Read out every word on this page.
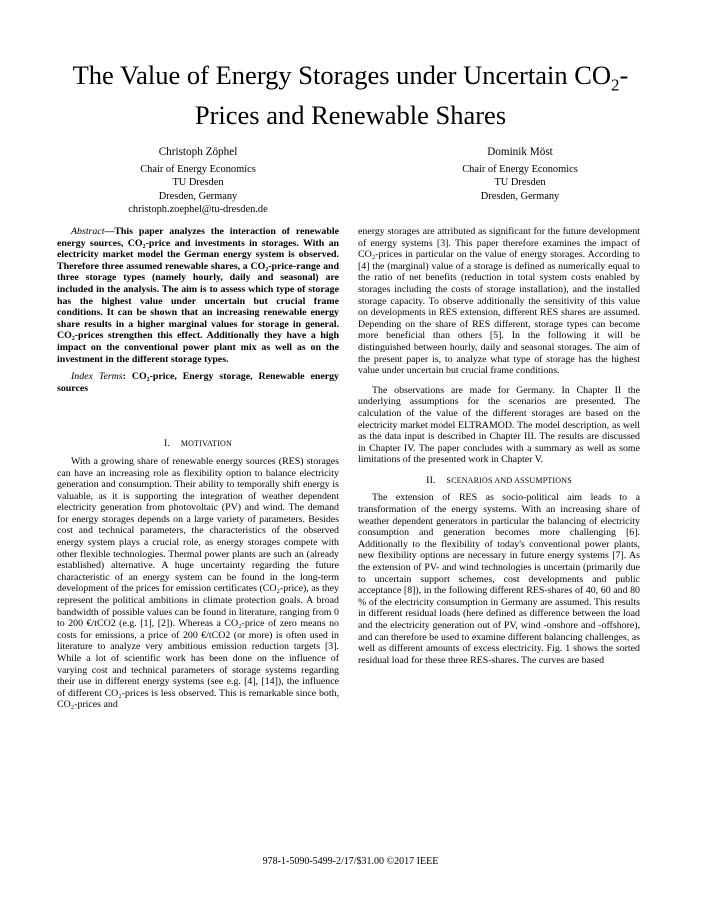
The Value of Energy Storages under Uncertain $CO_2-$
Prices and Renewable Shares
Christoph Zöphel
Chair of Energy Economics
TU Dresden
Dresden, Germany
christoph.zoephel@tu-dresden.de
Dominik Möst
Chair of Energy Economics
TU Dresden
Dresden, Germany

Abstract—This paper analyzes the interaction of renewable energy sources, CO₂-price and investments in storages. With an electricity market model the German energy system is observed. Therefore three assumed renewable shares, a CO₂-price-range and three storage types (namely hourly, daily and seasonal) are included in the analysis. The aim is to assess which type of storage has the highest value under uncertain but crucial frame conditions. It can be shown that an increasing renewable energy share results in a higher marginal values for storage in general. CO₂-prices strengthen this effect. Additionally they have a high impact on the conventional power plant mix as well as on the investment in the different storage types.

Index Terms: CO₂-price, Energy storage, Renewable energy sources

I. MOTIVATION

With a growing share of renewable energy sources (RES) storages can have an increasing role as flexibility option to balance electricity generation and consumption. Their ability to temporally shift energy is valuable, as it is supporting the integration of weather dependent electricity generation from photovoltaic (PV) and wind. The demand for energy storages depends on a large variety of parameters. Besides cost and technical parameters, the characteristics of the observed energy system plays a crucial role, as energy storages compete with other flexible technologies. Thermal power plants are such an (already established) alternative. A huge uncertainty regarding the future characteristic of an energy system can be found in the long-term development of the prices for emission certificates (CO₂-price), as they represent the political ambitions in climate protection goals. A broad bandwidth of possible values can be found in literature, ranging from 0 to 200 €/tCO2 (e.g. [1], [2]). Whereas a CO₂-price of zero means no costs for emissions, a price of 200 €/tCO2 (or more) is often used in literature to analyze very ambitious emission reduction targets [3]. While a lot of scientific work has been done on the influence of varying cost and technical parameters of storage systems regarding their use in different energy systems (see e.g. [4], [14]), the influence of different CO₂-prices is less observed. This is remarkable since both, CO₂-prices and

energy storages are attributed as significant for the future development of energy systems [3]. This paper therefore examines the impact of CO₂-prices in particular on the value of energy storages. According to [4] the (marginal) value of a storage is defined as numerically equal to the ratio of net benefits (reduction in total system costs enabled by storages including the costs of storage installation), and the installed storage capacity. To observe additionally the sensitivity of this value on developments in RES extension, different RES shares are assumed. Depending on the share of RES different, storage types can become more beneficial than others [5]. In the following it will be distinguished between hourly, daily and seasonal storages. The aim of the present paper is, to analyze what type of storage has the highest value under uncertain but crucial frame conditions.

The observations are made for Germany. In Chapter II the underlying assumptions for the scenarios are presented. The calculation of the value of the different storages are based on the electricity market model ELTRAMOD. The model description, as well as the data input is described in Chapter III. The results are discussed in Chapter IV. The paper concludes with a summary as well as some limitations of the presented work in Chapter V.

II. SCENARIOS AND ASSUMPTIONS

The extension of RES as socio-political aim leads to a transformation of the energy systems. With an increasing share of weather dependent generators in particular the balancing of electricity consumption and generation becomes more challenging [6]. Additionally to the flexibility of today's conventional power plants, new flexibility options are necessary in future energy systems [7]. As the extension of PV- and wind technologies is uncertain (primarily due to uncertain support schemes, cost developments and public acceptance [8]), in the following different RES-shares of 40, 60 and 80 % of the electricity consumption in Germany are assumed. This results in different residual loads (here defined as difference between the load and the electricity generation out of PV, wind -onshore and -offshore), and can therefore be used to examine different balancing challenges, as well as different amounts of excess electricity. Fig. 1 shows the sorted residual load for these three RES-shares. The curves are based

978-1-5090-5499-2/17/$31.00 ©2017 IEEE
